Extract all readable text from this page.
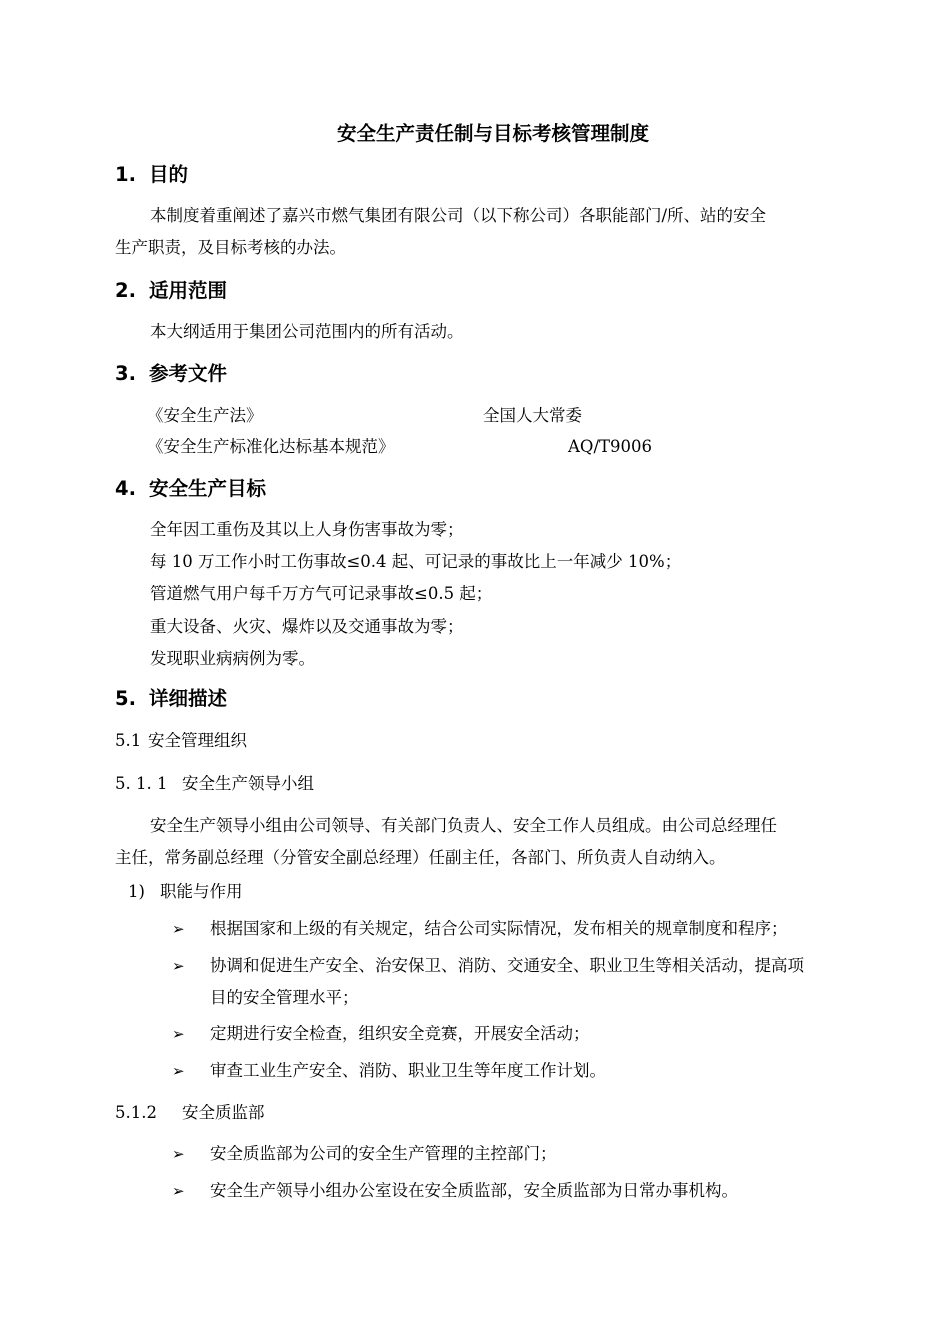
安全生产责任制与目标考核管理制度
1. 目的
本制度着重阐述了嘉兴市燃气集团有限公司（以下称公司）各职能部门/所、站的安全
生产职责，及目标考核的办法。
2. 适用范围
本大纲适用于集团公司范围内的所有活动。
3. 参考文件
《安全生产法》	全国人大常委
《安全生产标准化达标基本规范》	AQ/T9006
4. 安全生产目标
全年因工重伤及其以上人身伤害事故为零；
每 10 万工作小时工伤事故≤0.4 起、可记录的事故比上一年减少 10%；
管道燃气用户每千万方气可记录事故≤0.5 起；
重大设备、火灾、爆炸以及交通事故为零；
发现职业病病例为零。
5. 详细描述
5.1 安全管理组织
5. 1. 1 安全生产领导小组
安全生产领导小组由公司领导、有关部门负责人、安全工作人员组成。由公司总经理任
主任，常务副总经理（分管安全副总经理）任副主任，各部门、所负责人自动纳入。
1) 职能与作用
➢ 根据国家和上级的有关规定，结合公司实际情况，发布相关的规章制度和程序；
➢ 协调和促进生产安全、治安保卫、消防、交通安全、职业卫生等相关活动，提高项
目的安全管理水平；
➢ 定期进行安全检查，组织安全竞赛，开展安全活动；
➢ 审查工业生产安全、消防、职业卫生等年度工作计划。
5.1.2 安全质监部
➢ 安全质监部为公司的安全生产管理的主控部门；
➢ 安全生产领导小组办公室设在安全质监部，安全质监部为日常办事机构。
